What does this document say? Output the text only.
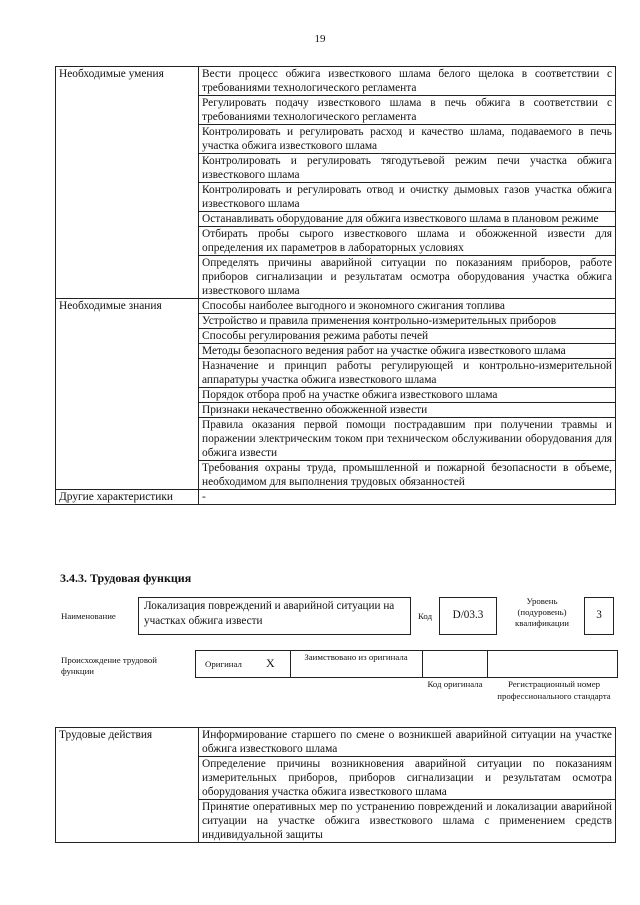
19
Необходимые умения	Вести процесс обжига известкового шлама белого щелока в соответствии с требованиями технологического регламента
	Регулировать подачу известкового шлама в печь обжига в соответствии с требованиями технологического регламента
	Контролировать и регулировать расход и качество шлама, подаваемого в печь участка обжига известкового шлама
	Контролировать и регулировать тягодутьевой режим печи участка обжига известкового шлама
	Контролировать и регулировать отвод и очистку дымовых газов участка обжига известкового шлама
	Останавливать оборудование для обжига известкового шлама в плановом режиме
	Отбирать пробы сырого известкового шлама и обожженной извести для определения их параметров в лабораторных условиях
	Определять причины аварийной ситуации по показаниям приборов, работе приборов сигнализации и результатам осмотра оборудования участка обжига известкового шлама
Необходимые знания	Способы наиболее выгодного и экономного сжигания топлива
	Устройство и правила применения контрольно-измерительных приборов
	Способы регулирования режима работы печей
	Методы безопасного ведения работ на участке обжига известкового шлама
	Назначение и принцип работы регулирующей и контрольно-измерительной аппаратуры участка обжига известкового шлама
	Порядок отбора проб на участке обжига известкового шлама
	Признаки некачественно обожженной извести
	Правила оказания первой помощи пострадавшим при получении травмы и поражении электрическим током при техническом обслуживании оборудования для обжига извести
	Требования охраны труда, промышленной и пожарной безопасности в объеме, необходимом для выполнения трудовых обязанностей
Другие характеристики	-
3.4.3. Трудовая функция
Наименование
Локализация повреждений и аварийной ситуации на участках обжига извести	Код	D/03.3
Уровень (подуровень) квалификации
3
Происхождение трудовой функции
Оригинал X	Заимствовано из оригинала
Код оригинала	Регистрационный номер профессионального стандарта
Трудовые действия	Информирование старшего по смене о возникшей аварийной ситуации на участке обжига известкового шлама
Определение причины возникновения аварийной ситуации по показаниям измерительных приборов, приборов сигнализации и результатам осмотра оборудования участка обжига известкового шлама
Принятие оперативных мер по устранению повреждений и локализации аварийной ситуации на участке обжига известкового шлама с применением средств индивидуальной защиты
